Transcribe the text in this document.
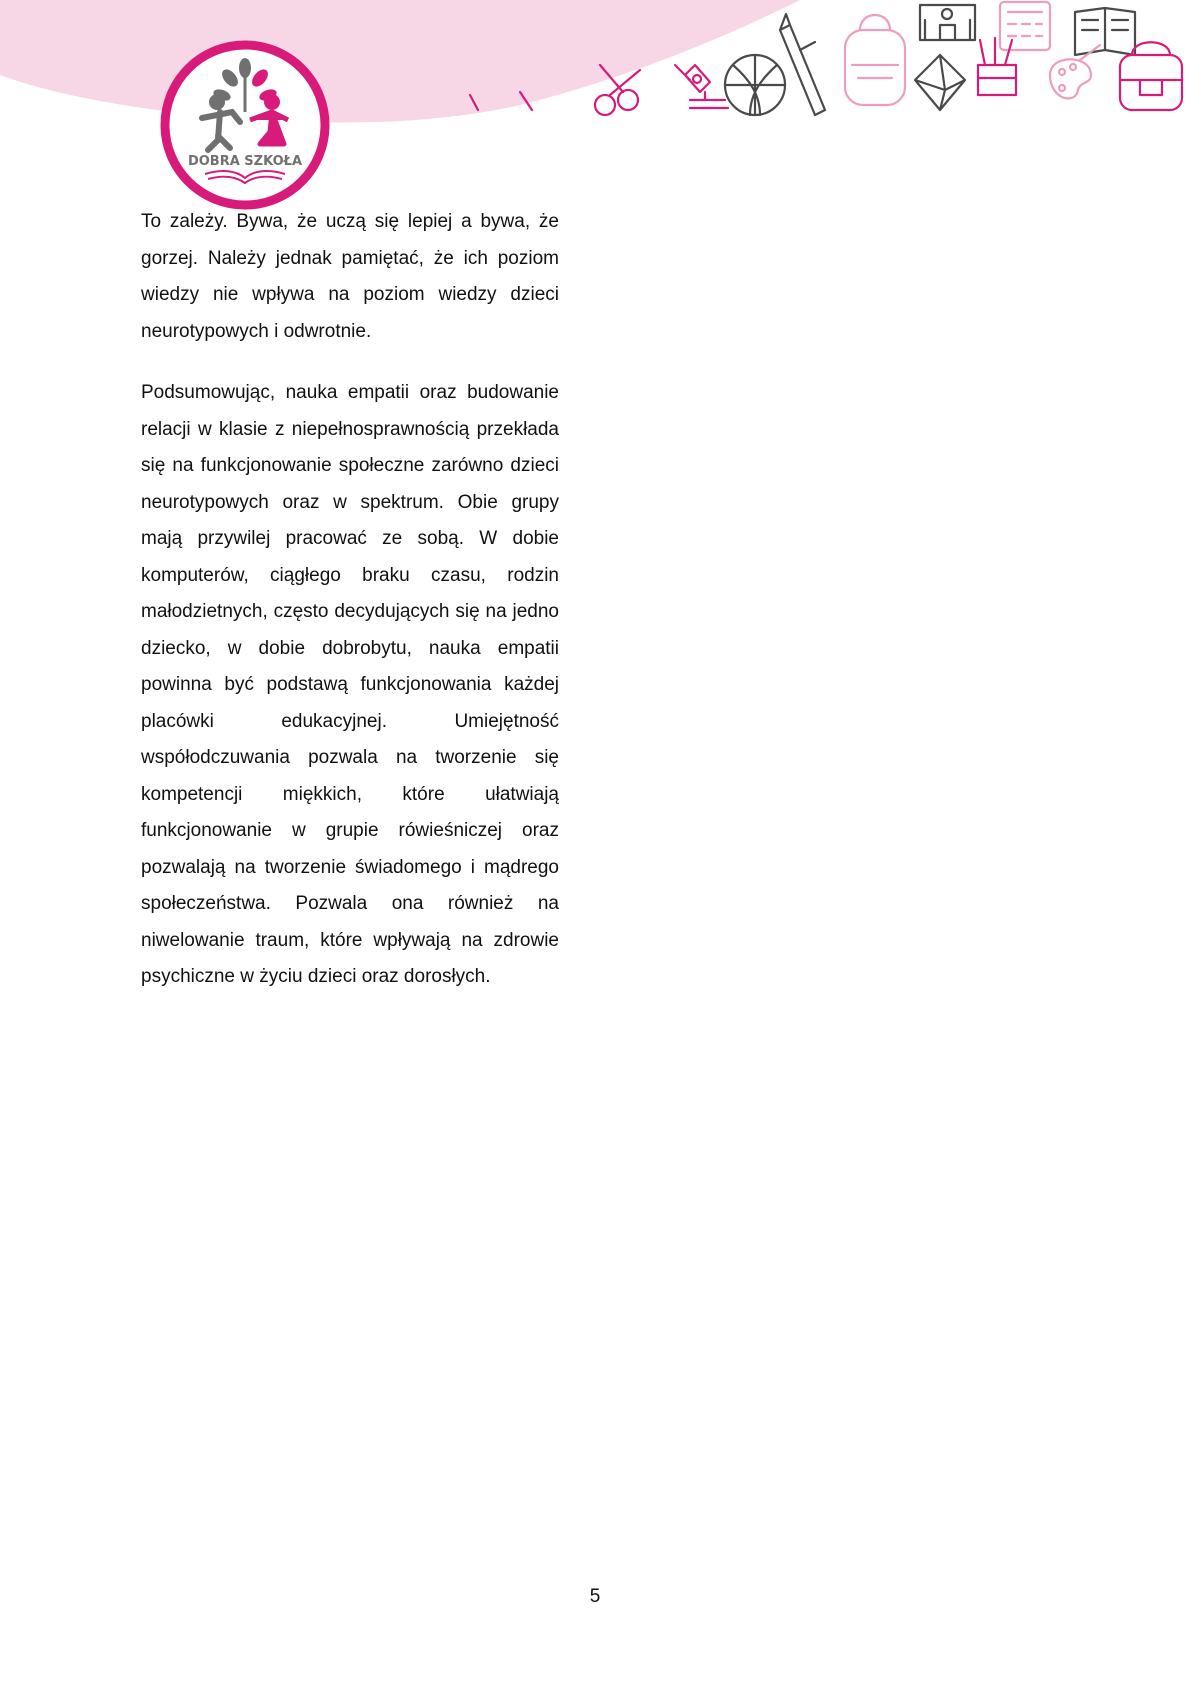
DOBRA SZKOŁA

To zależy. Bywa, że uczą się lepiej a bywa, że gorzej. Należy jednak pamiętać, że ich poziom wiedzy nie wpływa na poziom wiedzy dzieci neurotypowych i odwrotnie.

Podsumowując, nauka empatii oraz budowanie relacji w klasie z niepełnosprawnością przekłada się na funkcjonowanie społeczne zarówno dzieci neurotypowych oraz w spektrum. Obie grupy mają przywilej pracować ze sobą. W dobie komputerów, ciągłego braku czasu, rodzin małodzietnych, często decydujących się na jedno dziecko, w dobie dobrobytu, nauka empatii powinna być podstawą funkcjonowania każdej placówki edukacyjnej. Umiejętność współodczuwania pozwala na tworzenie się kompetencji miękkich, które ułatwiają funkcjonowanie w grupie rówieśniczej oraz pozwalają na tworzenie świadomego i mądrego społeczeństwa. Pozwala ona również na niwelowanie traum, które wpływają na zdrowie psychiczne w życiu dzieci oraz dorosłych.

5
